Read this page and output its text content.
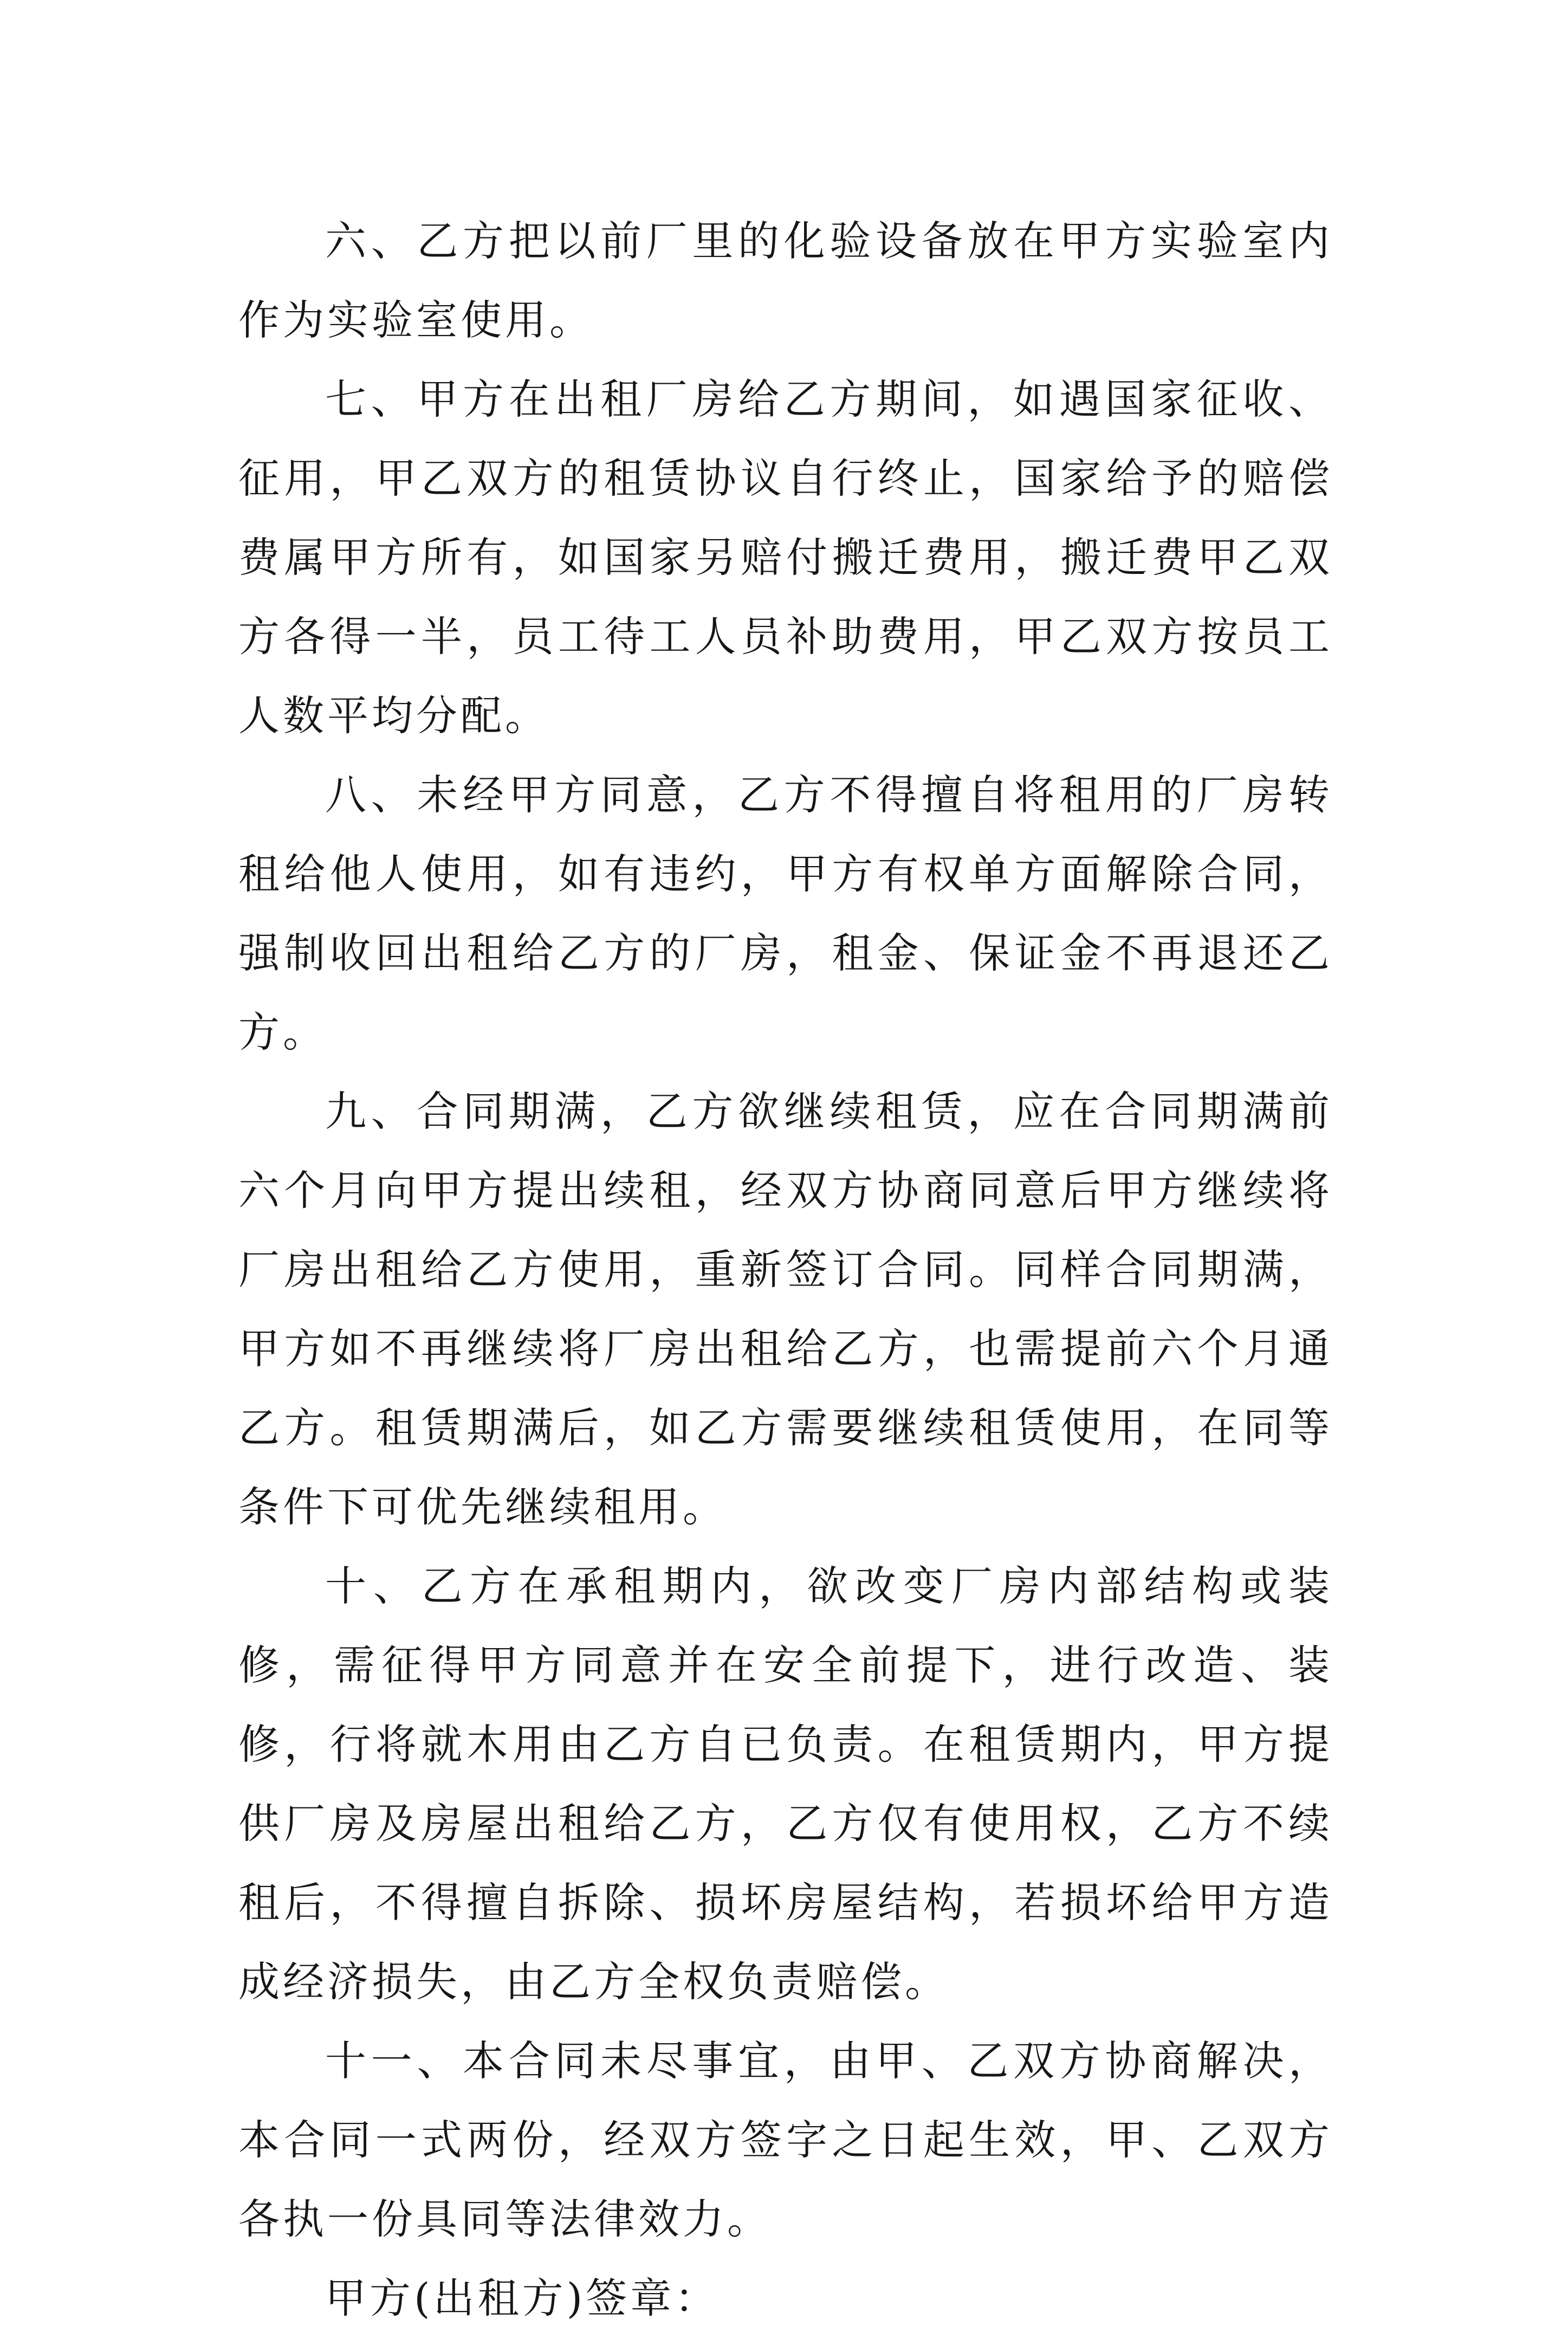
六、乙方把以前厂里的化验设备放在甲方实验室内作为实验室使用。

七、甲方在出租厂房给乙方期间，如遇国家征收、征用，甲乙双方的租赁协议自行终止，国家给予的赔偿费属甲方所有，如国家另赔付搬迁费用，搬迁费甲乙双方各得一半，员工待工人员补助费用，甲乙双方按员工人数平均分配。

八、未经甲方同意，乙方不得擅自将租用的厂房转租给他人使用，如有违约，甲方有权单方面解除合同，强制收回出租给乙方的厂房，租金、保证金不再退还乙方。

九、合同期满，乙方欲继续租赁，应在合同期满前六个月向甲方提出续租，经双方协商同意后甲方继续将厂房出租给乙方使用，重新签订合同。同样合同期满，甲方如不再继续将厂房出租给乙方，也需提前六个月通乙方。租赁期满后，如乙方需要继续租赁使用，在同等条件下可优先继续租用。

十、乙方在承租期内，欲改变厂房内部结构或装修，需征得甲方同意并在安全前提下，进行改造、装修，行将就木用由乙方自已负责。在租赁期内，甲方提供厂房及房屋出租给乙方，乙方仅有使用权，乙方不续租后，不得擅自拆除、损坏房屋结构，若损坏给甲方造成经济损失，由乙方全权负责赔偿。

十一、本合同未尽事宜，由甲、乙双方协商解决，本合同一式两份，经双方签字之日起生效，甲、乙双方各执一份具同等法律效力。

甲方(出租方)签章：
